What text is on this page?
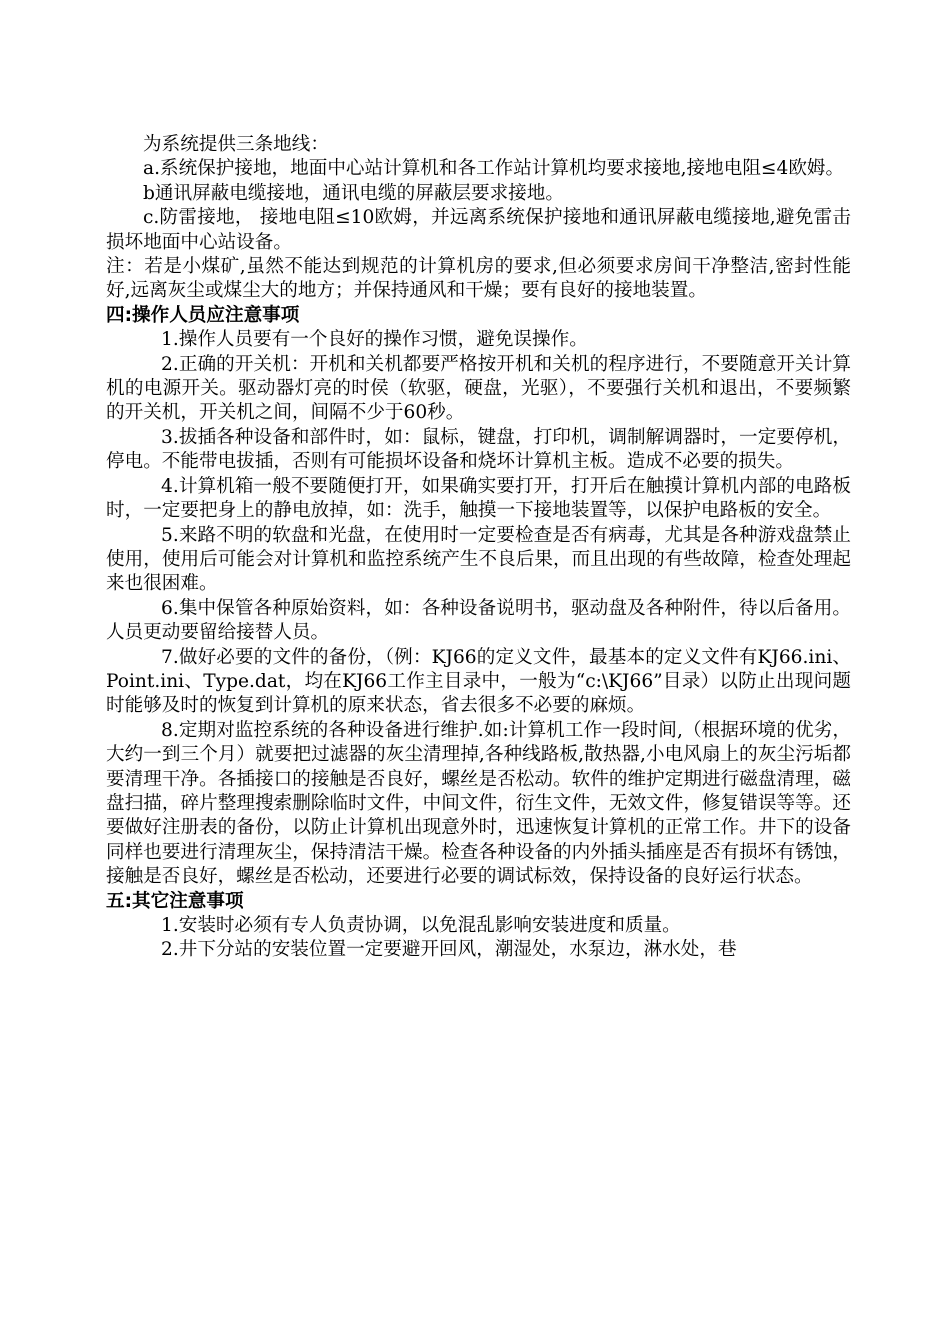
为系统提供三条地线：

a.系统保护接地，地面中心站计算机和各工作站计算机均要求接地,接地电阻≤4欧姆。

b通讯屏蔽电缆接地，通讯电缆的屏蔽层要求接地。

c.防雷接地， 接地电阻≤10欧姆，并远离系统保护接地和通讯屏蔽电缆接地,避免雷击损坏地面中心站设备。

注：若是小煤矿,虽然不能达到规范的计算机房的要求,但必须要求房间干净整洁,密封性能好,远离灰尘或煤尘大的地方；并保持通风和干燥；要有良好的接地装置。

四:操作人员应注意事项

1.操作人员要有一个良好的操作习惯，避免误操作。

2.正确的开关机：开机和关机都要严格按开机和关机的程序进行，不要随意开关计算机的电源开关。驱动器灯亮的时侯（软驱，硬盘，光驱），不要强行关机和退出，不要频繁的开关机，开关机之间，间隔不少于60秒。

3.拔插各种设备和部件时，如：鼠标，键盘，打印机，调制解调器时，一定要停机，停电。不能带电拔插，否则有可能损坏设备和烧坏计算机主板。造成不必要的损失。

4.计算机箱一般不要随便打开，如果确实要打开，打开后在触摸计算机内部的电路板时，一定要把身上的静电放掉，如：洗手，触摸一下接地装置等，以保护电路板的安全。

5.来路不明的软盘和光盘，在使用时一定要检查是否有病毒，尤其是各种游戏盘禁止使用，使用后可能会对计算机和监控系统产生不良后果，而且出现的有些故障，检查处理起来也很困难。

6.集中保管各种原始资料，如：各种设备说明书，驱动盘及各种附件，待以后备用。人员更动要留给接替人员。

7.做好必要的文件的备份，（例：KJ66的定义文件，最基本的定义文件有KJ66.ini、Point.ini、Type.dat，均在KJ66工作主目录中，一般为“c:\KJ66”目录）以防止出现问题时能够及时的恢复到计算机的原来状态，省去很多不必要的麻烦。

8.定期对监控系统的各种设备进行维护.如:计算机工作一段时间,（根据环境的优劣，大约一到三个月）就要把过滤器的灰尘清理掉,各种线路板,散热器,小电风扇上的灰尘污垢都要清理干净。各插接口的接触是否良好，螺丝是否松动。软件的维护定期进行磁盘清理，磁盘扫描，碎片整理搜索删除临时文件，中间文件，衍生文件，无效文件，修复错误等等。还要做好注册表的备份，以防止计算机出现意外时，迅速恢复计算机的正常工作。井下的设备同样也要进行清理灰尘，保持清洁干燥。检查各种设备的内外插头插座是否有损坏有锈蚀，接触是否良好，螺丝是否松动，还要进行必要的调试标效，保持设备的良好运行状态。

五:其它注意事项

1.安装时必须有专人负责协调，以免混乱影响安装进度和质量。

2.井下分站的安装位置一定要避开回风，潮湿处，水泵边，淋水处，巷
